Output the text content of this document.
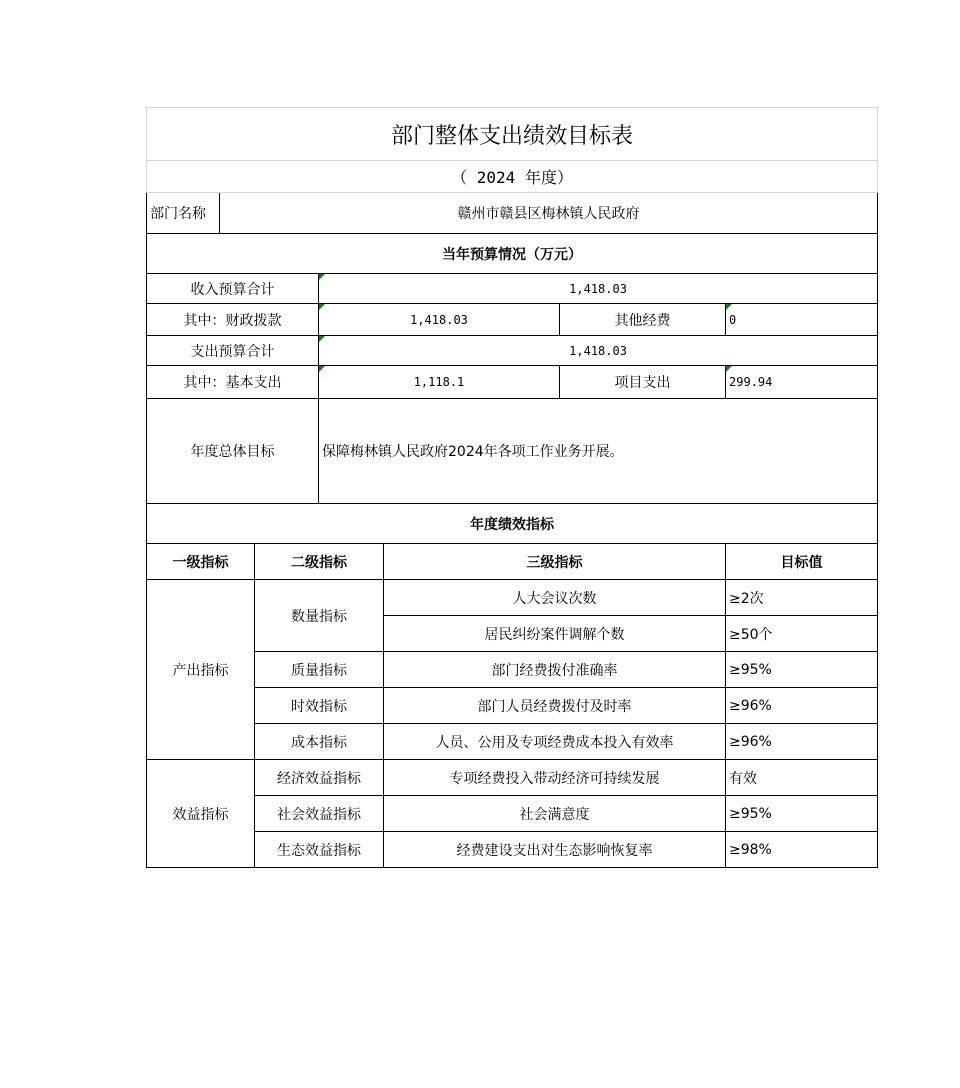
部门整体支出绩效目标表						
（ 2024 年度）						
部门名称	赣州市赣县区梅林镇人民政府					
当年预算情况（万元）						
收入预算合计			1,418.03			
其中：财政拨款			1,418.03		其他经费	0
支出预算合计			1,418.03			
其中：基本支出			1,118.1		项目支出	299.94
年度总体目标			保障梅林镇人民政府2024年各项工作业务开展。			
年度绩效指标						
一级指标		二级指标		三级指标		目标值
产出指标		数量指标		人大会议次数		≥2次
				居民纠纷案件调解个数		≥50个
		质量指标		部门经费拨付准确率		≥95%
		时效指标		部门人员经费拨付及时率		≥96%
		成本指标		人员、公用及专项经费成本投入有效率		≥96%
效益指标		经济效益指标		专项经费投入带动经济可持续发展		有效
		社会效益指标		社会满意度		≥95%
		生态效益指标		经费建设支出对生态影响恢复率		≥98%
